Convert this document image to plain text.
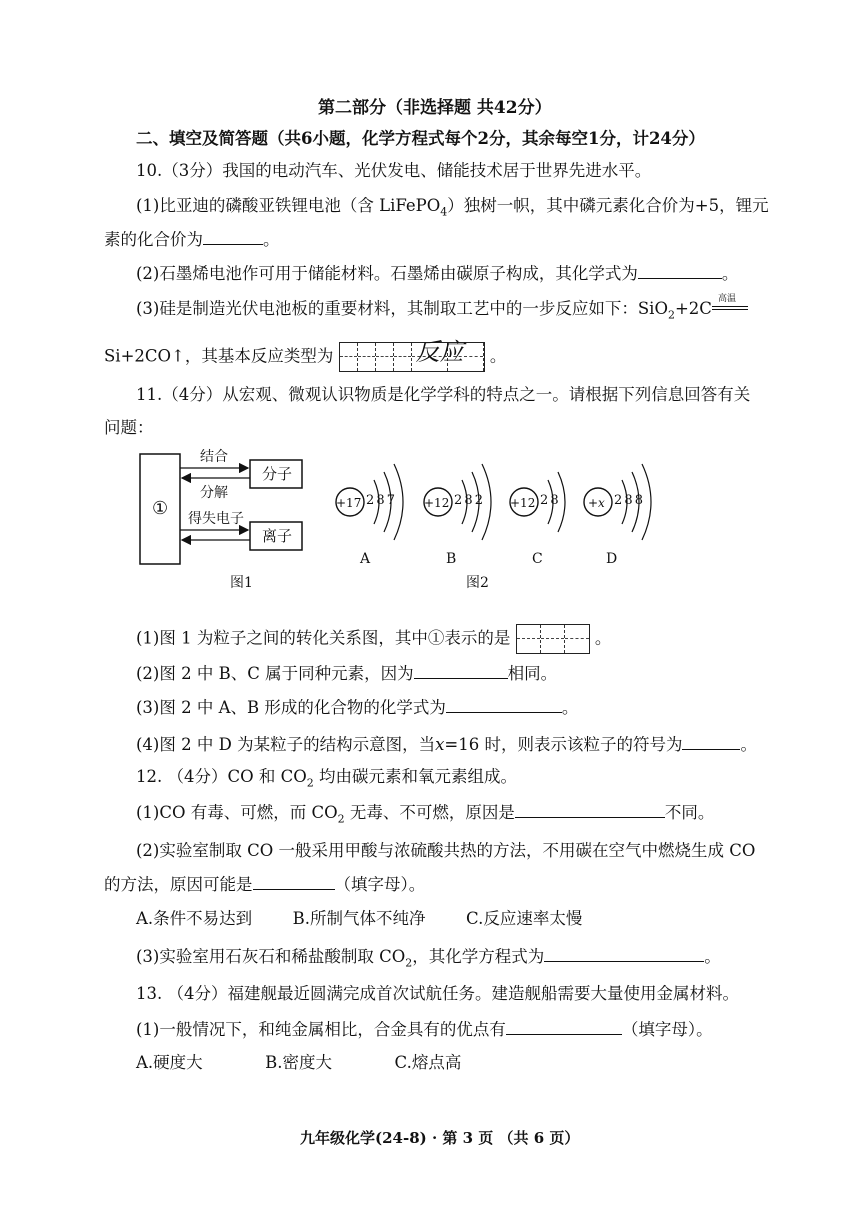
第二部分（非选择题 共42分）
二、填空及简答题（共6小题，化学方程式每个2分，其余每空1分，计24分）
10.（3分）我国的电动汽车、光伏发电、储能技术居于世界先进水平。
(1)比亚迪的磷酸亚铁锂电池（含 LiFePO$_4$）独树一帜，其中磷元素化合价为+5，锂元
素的化合价为	。
(2)石墨烯电池作可用于储能材料。石墨烯由碳原子构成，其化学式为	。
(3)硅是制造光伏电池板的重要材料，其制取工艺中的一步反应如下：SiO$_2$+2C 高温
Si+2CO↑，其基本反应类型为	反应 。
11.（4分）从宏观、微观认识物质是化学学科的特点之一。请根据下列信息回答有关
问题：
①
结合
分解
得失电子
分子
离子
图1
+17 2 8 7
A
+12 2 8 2
B
+12 2 8
C
+x 2 8 8
D
图2
(1)图 1 为粒子之间的转化关系图，其中①表示的是	。
(2)图 2 中 B、C 属于同种元素，因为	相同。
(3)图 2 中 A、B 形成的化合物的化学式为	。
(4)图 2 中 D 为某粒子的结构示意图，当x=16 时，则表示该粒子的符号为	。
12. （4分）CO 和 $CO_2$ 均由碳元素和氧元素组成。
(1)CO 有毒、可燃，而 $CO_2$ 无毒、不可燃，原因是	不同。
(2)实验室制取 CO 一般采用甲酸与浓硫酸共热的方法，不用碳在空气中燃烧生成 CO
的方法，原因可能是	（填字母）。
A.条件不易达到 B.所制气体不纯净 C.反应速率太慢
(3)实验室用石灰石和稀盐酸制取 $CO_2$，其化学方程式为	。
13. （4分）福建舰最近圆满完成首次试航任务。建造舰船需要大量使用金属材料。
(1)一般情况下，和纯金属相比，合金具有的优点有	（填字母）。
A.硬度大	B.密度大	C.熔点高
九年级化学(24-8) · 第 3 页 （共 6 页）
